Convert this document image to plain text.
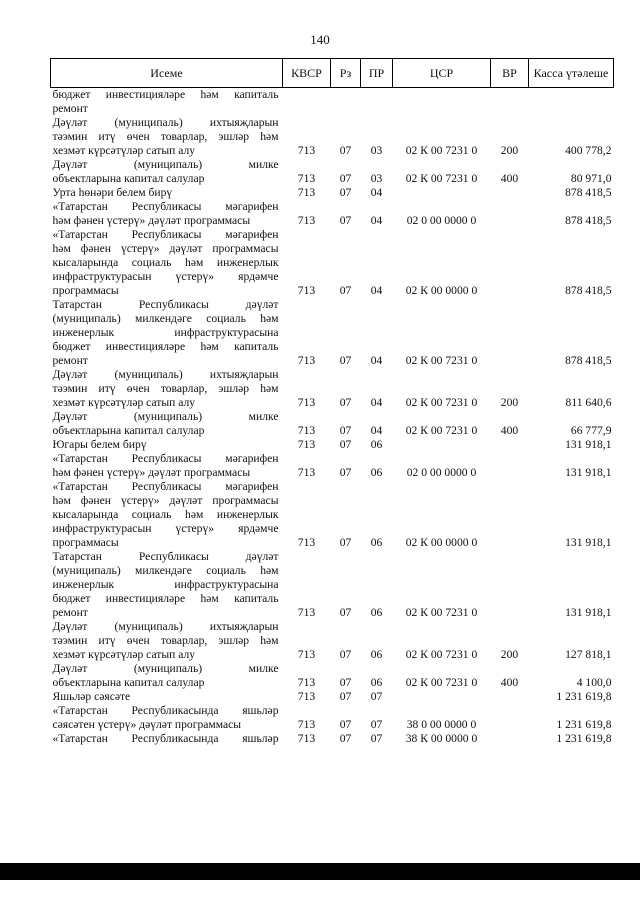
140
Исеме	КВСР	Рз	ПР	ЦСР	ВР	Касса үтәлеше

бюджет инвестицияләре һәм капиталь
ремонт						

Дәүләт (муниципаль) ихтыяҗларын
тәэмин итү өчен товарлар, эшләр һәм
хезмәт күрсәтүләр сатып алу	713	07	03	02 К 00 7231 0	200	400 778,2

Дәүләт (муниципаль) милке
объектларына капитал салулар	713	07	03	02 К 00 7231 0	400	80 971,0

Урта һөнәри белем бирү	713	07	04			878 418,5

«Татарстан Республикасы мәгарифен
һәм фәнен үстерү» дәүләт программасы	713	07	04	02 0 00 0000 0		878 418,5

«Татарстан Республикасы мәгарифен
һәм фәнен үстерү» дәүләт программасы
кысаларында социаль һәм инженерлык
инфраструктурасын үстерү» ярдәмче
программасы	713	07	04	02 К 00 0000 0		878 418,5

Татарстан Республикасы дәүләт
(муниципаль) милкендәге социаль һәм
инженерлык инфраструктурасына
бюджет инвестицияләре һәм капиталь
ремонт	713	07	04	02 К 00 7231 0		878 418,5

Дәүләт (муниципаль) ихтыяҗларын
тәэмин итү өчен товарлар, эшләр һәм
хезмәт күрсәтүләр сатып алу	713	07	04	02 К 00 7231 0	200	811 640,6

Дәүләт (муниципаль) милке
объектларына капитал салулар	713	07	04	02 К 00 7231 0	400	66 777,9

Югары белем бирү	713	07	06			131 918,1

«Татарстан Республикасы мәгарифен
һәм фәнен үстерү» дәүләт программасы	713	07	06	02 0 00 0000 0		131 918,1

«Татарстан Республикасы мәгарифен
һәм фәнен үстерү» дәүләт программасы
кысаларында социаль һәм инженерлык
инфраструктурасын үстерү» ярдәмче
программасы	713	07	06	02 К 00 0000 0		131 918,1

Татарстан Республикасы дәүләт
(муниципаль) милкендәге социаль һәм
инженерлык инфраструктурасына
бюджет инвестицияләре һәм капиталь
ремонт	713	07	06	02 К 00 7231 0		131 918,1

Дәүләт (муниципаль) ихтыяҗларын
тәэмин итү өчен товарлар, эшләр һәм
хезмәт күрсәтүләр сатып алу	713	07	06	02 К 00 7231 0	200	127 818,1

Дәүләт (муниципаль) милке
объектларына капитал салулар	713	07	06	02 К 00 7231 0	400	4 100,0

Яшьләр сәясәте	713	07	07			1 231 619,8

«Татарстан Республикасында яшьләр
сәясәтен үстерү» дәүләт программасы	713	07	07	38 0 00 0000 0		1 231 619,8

«Татарстан Республикасында яшьләр	713	07	07	38 К 00 0000 0		1 231 619,8
